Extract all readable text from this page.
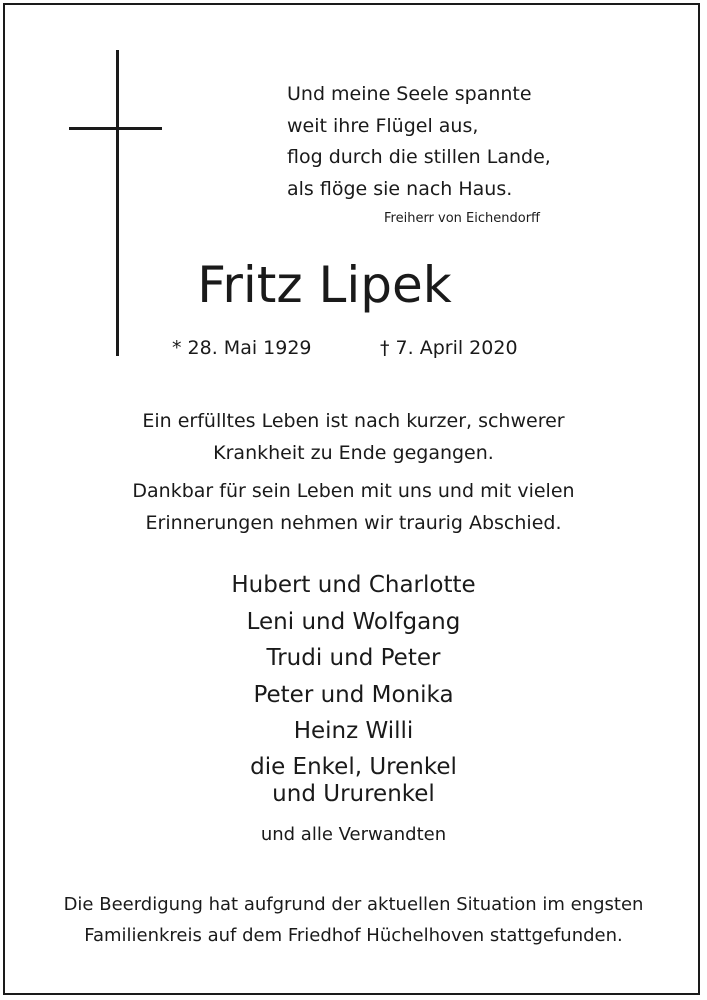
Und meine Seele spannte
weit ihre Flügel aus,
flog durch die stillen Lande,
als flöge sie nach Haus.
Freiherr von Eichendorff
Fritz Lipek
* 28. Mai 1929	† 7. April 2020
Ein erfülltes Leben ist nach kurzer, schwerer
Krankheit zu Ende gegangen.
Dankbar für sein Leben mit uns und mit vielen
Erinnerungen nehmen wir traurig Abschied.
Hubert und Charlotte
Leni und Wolfgang
Trudi und Peter
Peter und Monika
Heinz Willi
die Enkel, Urenkel
und Ururenkel
und alle Verwandten
Die Beerdigung hat aufgrund der aktuellen Situation im engsten
Familienkreis auf dem Friedhof Hüchelhoven stattgefunden.
